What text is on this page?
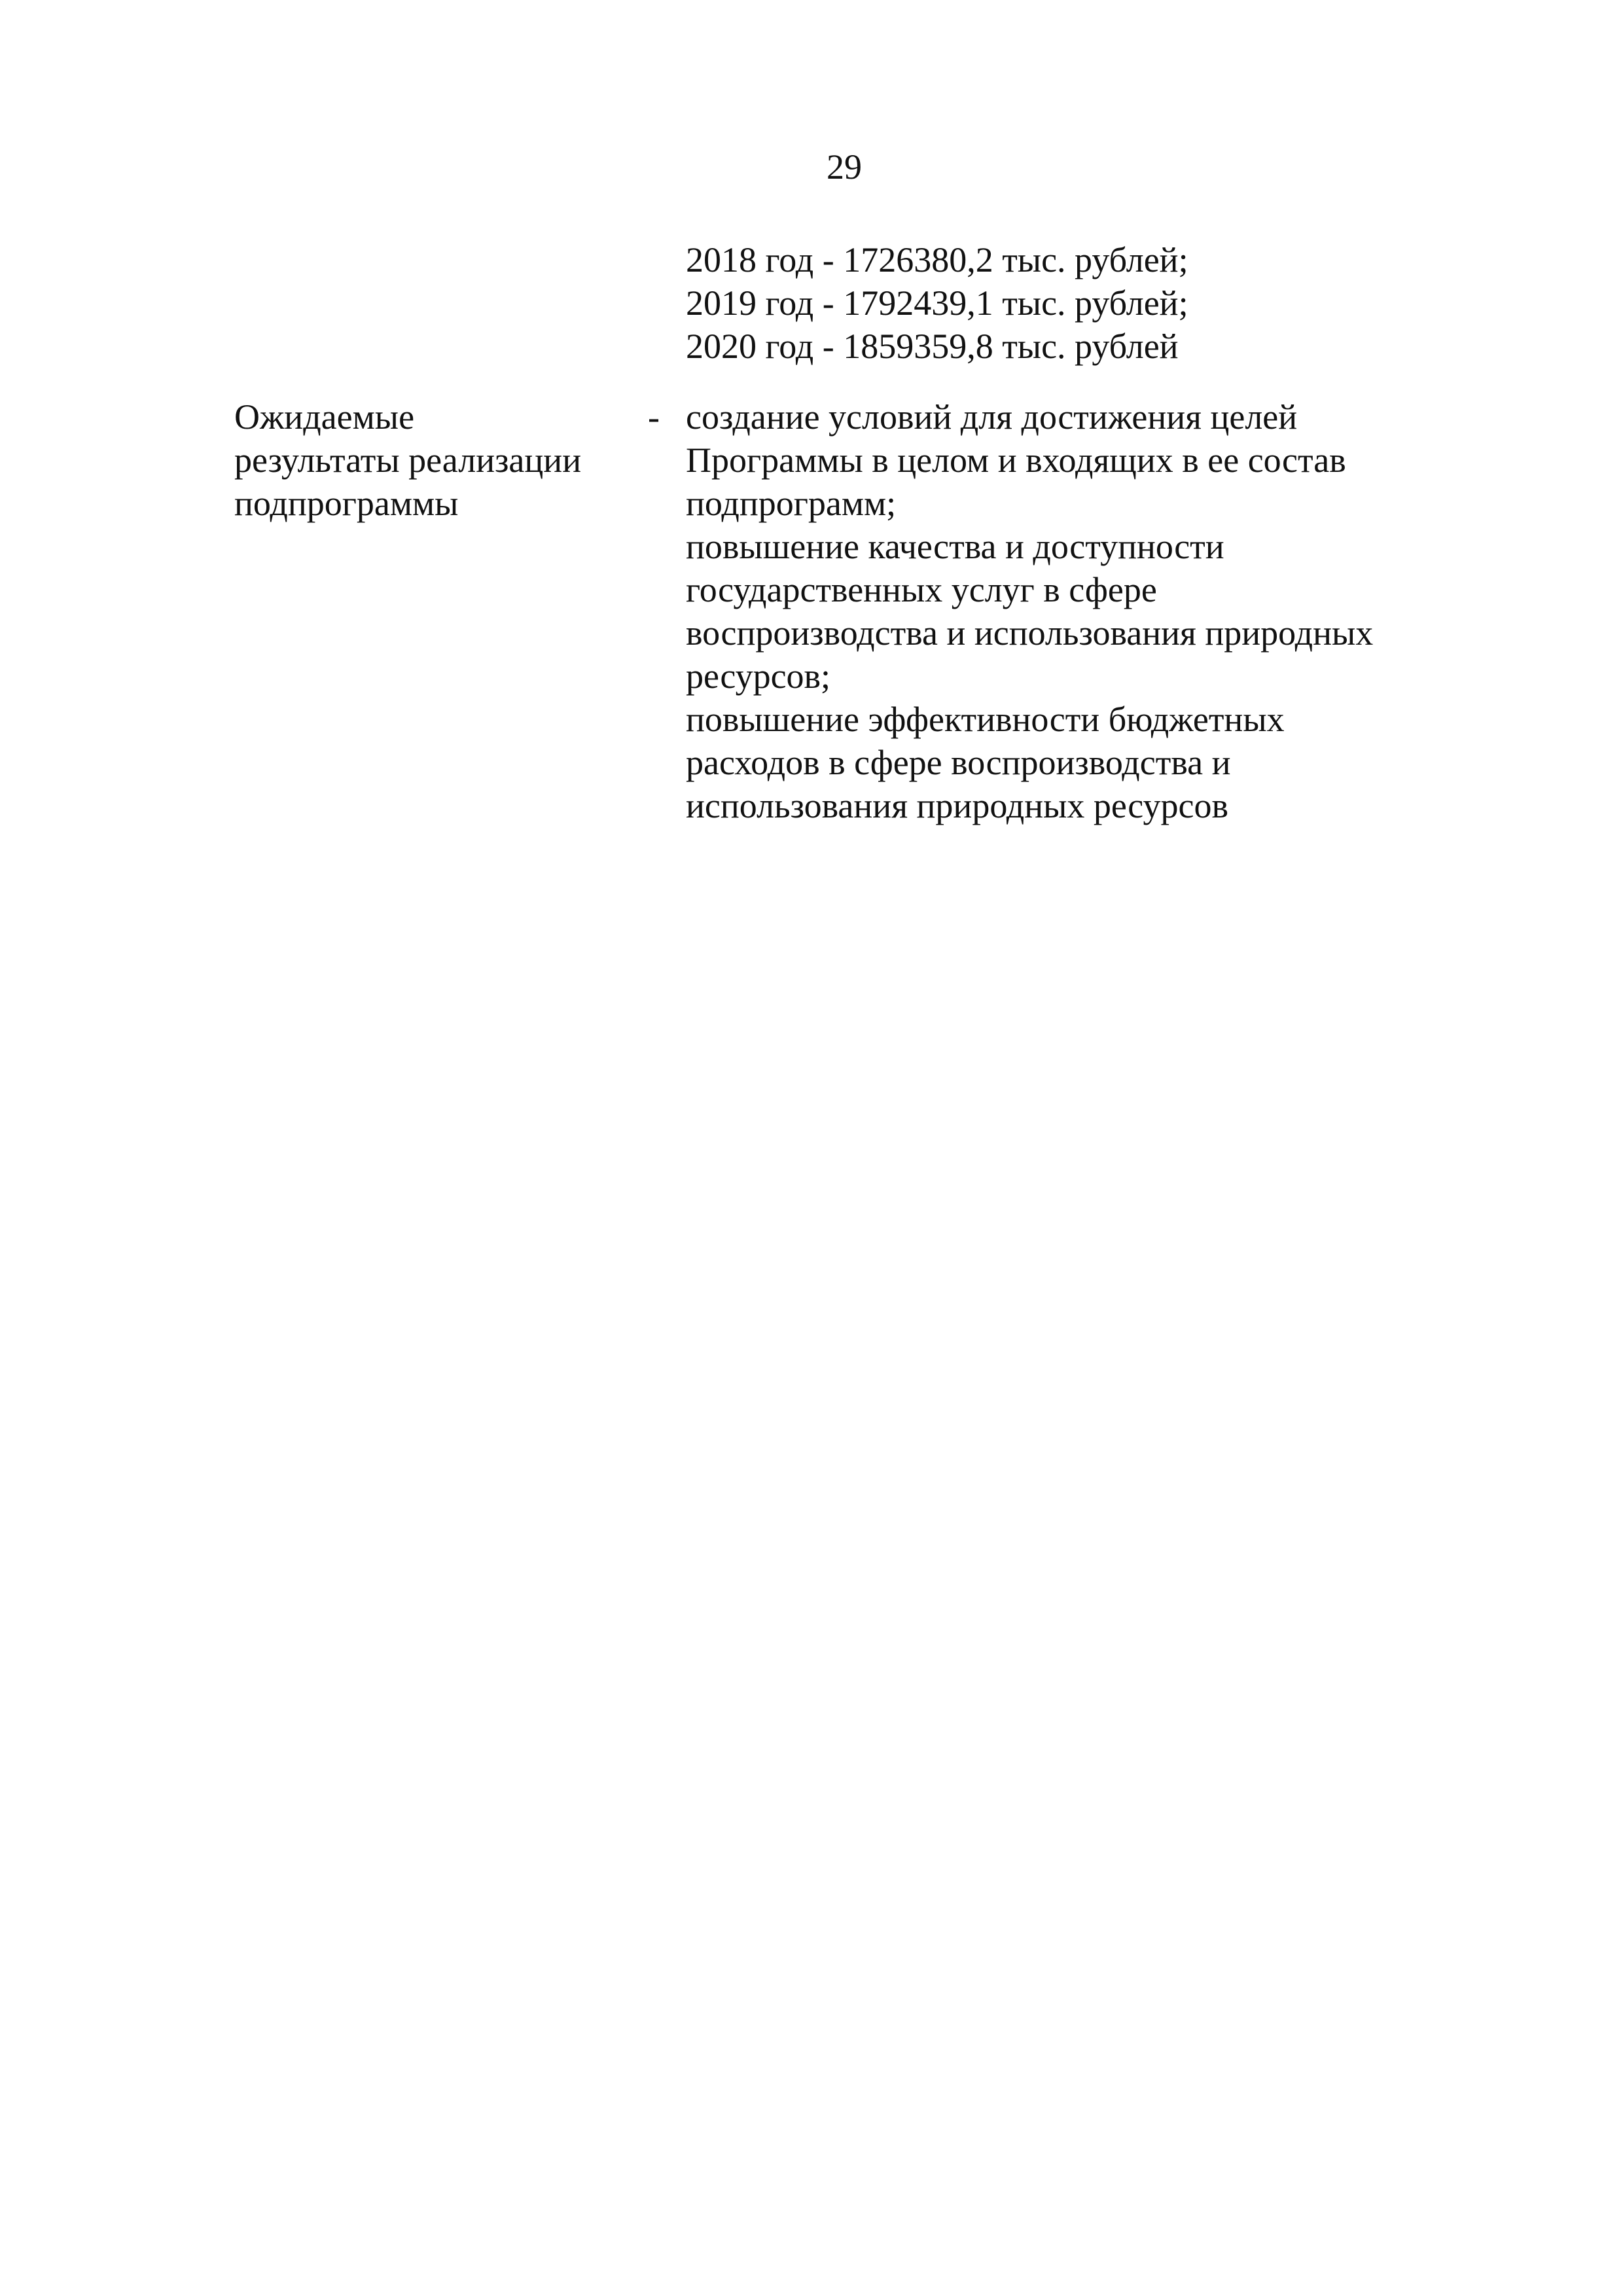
29
2018 год - 1726380,2 тыс. рублей;
2019 год - 1792439,1 тыс. рублей;
2020 год - 1859359,8 тыс. рублей
Ожидаемые
результаты реализации
подпрограммы
- создание условий для достижения целей
Программы в целом и входящих в ее состав
подпрограмм;
повышение качества и доступности
государственных услуг в сфере
воспроизводства и использования природных
ресурсов;
повышение эффективности бюджетных
расходов в сфере воспроизводства и
использования природных ресурсов
